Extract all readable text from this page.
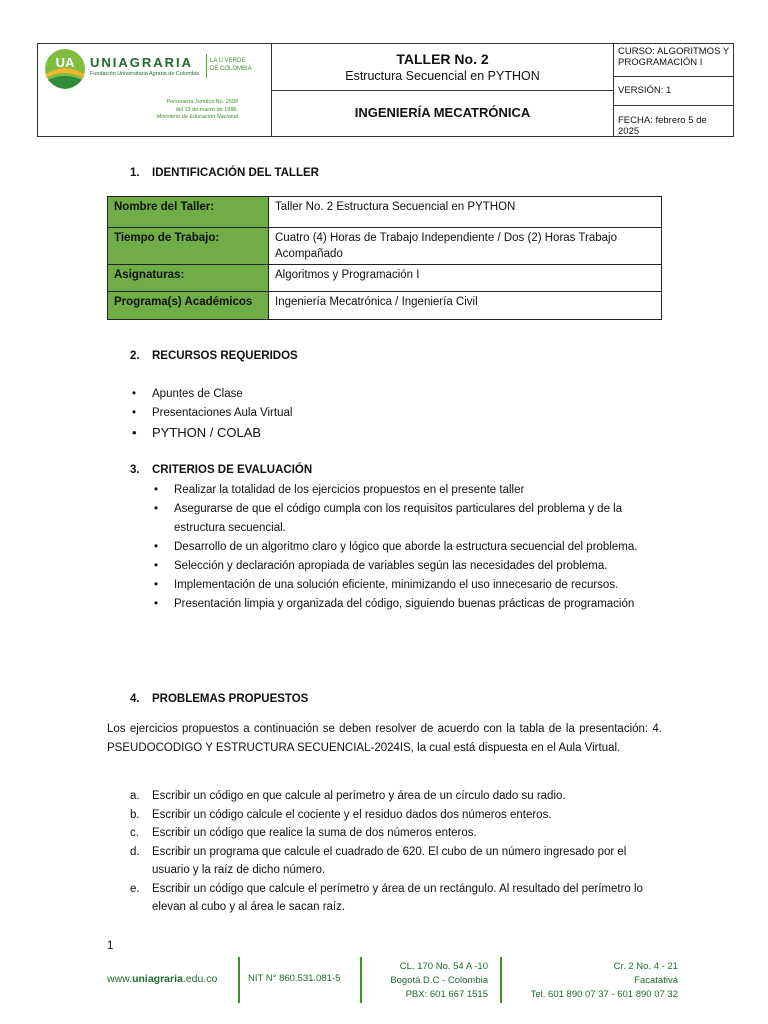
UA UNIAGRARIA
Fundación Universitaria Agraria de Colombia
LA U VERDE
DE COLOMBIA
Personería Jurídica No. 2599
del 13 de marzo de 1986.
Ministerio de Educación Nacional
TALLER No. 2
Estructura Secuencial en PYTHON
INGENIERÍA MECATRÓNICA
CURSO: ALGORITMOS Y PROGRAMACIÓN I
VERSIÓN: 1
FECHA: febrero 5 de 2025
1. IDENTIFICACIÓN DEL TALLER
Nombre del Taller:	Taller No. 2 Estructura Secuencial en PYTHON
Tiempo de Trabajo:	Cuatro (4) Horas de Trabajo Independiente / Dos (2) Horas Trabajo Acompañado
Asignaturas:	Algoritmos y Programación I
Programa(s) Académicos	Ingeniería Mecatrónica / Ingeniería Civil
2. RECURSOS REQUERIDOS
• Apuntes de Clase
• Presentaciones Aula Virtual
• PYTHON / COLAB
3. CRITERIOS DE EVALUACIÓN
• Realizar la totalidad de los ejercicios propuestos en el presente taller
• Asegurarse de que el código cumpla con los requisitos particulares del problema y de la estructura secuencial.
• Desarrollo de un algoritmo claro y lógico que aborde la estructura secuencial del problema.
• Selección y declaración apropiada de variables según las necesidades del problema.
• Implementación de una solución eficiente, minimizando el uso innecesario de recursos.
• Presentación limpia y organizada del código, siguiendo buenas prácticas de programación
4. PROBLEMAS PROPUESTOS

Los ejercicios propuestos a continuación se deben resolver de acuerdo con la tabla de la presentación: 4. PSEUDOCODIGO Y ESTRUCTURA SECUENCIAL-2024IS, la cual está dispuesta en el Aula Virtual.

a. Escribir un código en que calcule al perímetro y área de un círculo dado su radio.
b. Escribir un código calcule el cociente y el residuo dados dos números enteros.
c. Escribir un código que realice la suma de dos números enteros.
d. Escribir un programa que calcule el cuadrado de 620. El cubo de un número ingresado por el usuario y la raíz de dicho número.
e. Escribir un código que calcule el perímetro y área de un rectángulo. Al resultado del perímetro lo elevan al cubo y al área le sacan raíz.
1
www.uniagraria.edu.co	NIT N° 860.531.081-5
CL. 170 No. 54 A -10
Bogotá D.C - Colombia
PBX: 601 667 1515
Cr. 2 No. 4 - 21
Facatativá
Tel. 601 890 07 37 - 601 890 07 32
